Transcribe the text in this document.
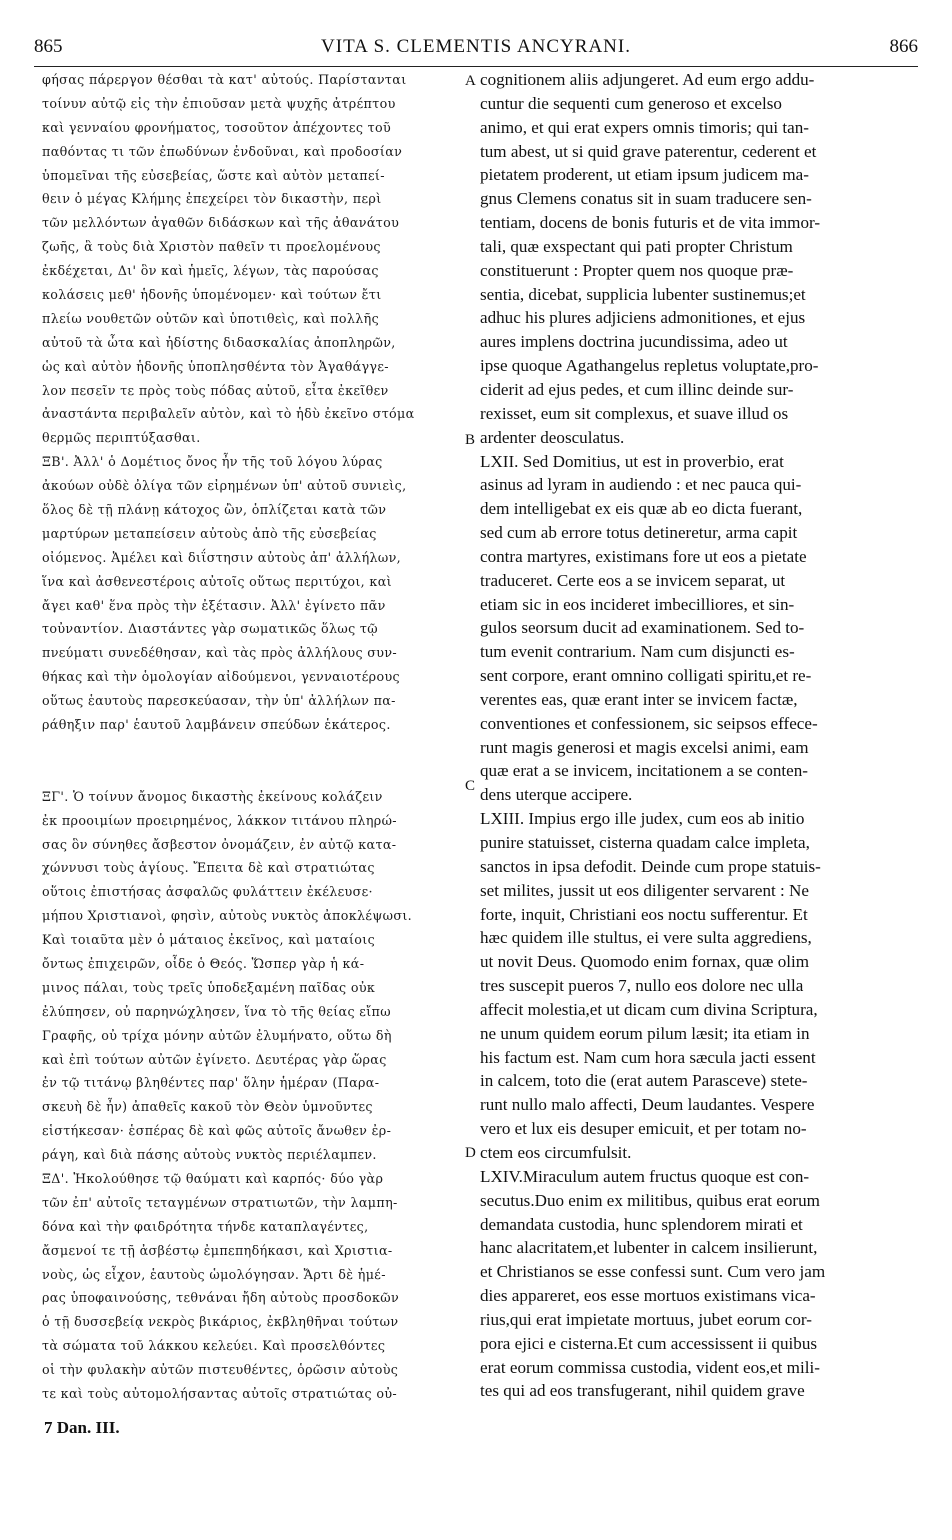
865	VITA S. CLEMENTIS ANCYRANI.	866
φήσας πάρεργον θέσθαι τὰ κατ' αὐτούς. Παρίστανται
τοίνυν αὐτῷ εἰς τὴν ἐπιοῦσαν μετὰ ψυχῆς ἀτρέπτου
καὶ γενναίου φρονήματος, τοσοῦτον ἀπέχοντες τοῦ
παθόντας τι τῶν ἐπωδύνων ἐνδοῦναι, καὶ προδοσίαν
ὑπομεῖναι τῆς εὐσεβείας, ὥστε καὶ αὐτὸν μεταπεί-
θειν ὁ μέγας Κλήμης ἐπεχείρει τὸν δικαστὴν, περὶ
τῶν μελλόντων ἀγαθῶν διδάσκων καὶ τῆς ἀθανάτου
ζωῆς, ἃ τοὺς διὰ Χριστὸν παθεῖν τι προελομένους
ἐκδέχεται, Δι' ὃν καὶ ἡμεῖς, λέγων, τὰς παρούσας
κολάσεις μεθ' ἡδονῆς ὑπομένομεν· καὶ τούτων ἔτι
πλείω νουθετῶν οὐτῶν καὶ ὑποτιθεὶς, καὶ πολλῆς
αὐτοῦ τὰ ὦτα καὶ ἡδίστης διδασκαλίας ἀποπληρῶν,
ὡς καὶ αὐτὸν ἡδονῆς ὑποπλησθέντα τὸν Ἀγαθάγγε-
λον πεσεῖν τε πρὸς τοὺς πόδας αὐτοῦ, εἶτα ἐκεῖθεν
ἀναστάντα περιβαλεῖν αὐτὸν, καὶ τὸ ἡδὺ ἐκεῖνο στόμα
θερμῶς περιπτύξασθαι.
ΞΒ'. Ἀλλ' ὁ Δομέτιος ὄνος ἦν τῆς τοῦ λόγου λύρας
ἀκούων οὐδὲ ὀλίγα τῶν εἰρημένων ὑπ' αὐτοῦ συνιεὶς,
ὅλος δὲ τῇ πλάνῃ κάτοχος ὢν, ὁπλίζεται κατὰ τῶν
μαρτύρων μεταπείσειν αὐτοὺς ἀπὸ τῆς εὐσεβείας
οἰόμενος. Ἀμέλει καὶ διΐστησιν αὐτοὺς ἀπ' ἀλλήλων,
ἵνα καὶ ἀσθενεστέροις αὐτοῖς οὕτως περιτύχοι, καὶ
ἄγει καθ' ἕνα πρὸς τὴν ἐξέτασιν. Ἀλλ' ἐγίνετο πᾶν
τοὐναντίον. Διαστάντες γὰρ σωματικῶς ὅλως τῷ
πνεύματι συνεδέθησαν, καὶ τὰς πρὸς ἀλλήλους συν-
θήκας καὶ τὴν ὁμολογίαν αἰδούμενοι, γενναιοτέρους
οὕτως ἑαυτοὺς παρεσκεύασαν, τὴν ὑπ' ἀλλήλων πα-
ράθηξιν παρ' ἑαυτοῦ λαμβάνειν σπεύδων ἑκάτερος.
ΞΓ'. Ὁ τοίνυν ἄνομος δικαστὴς ἐκείνους κολάζειν
ἐκ προοιμίων προειρημένος, λάκκον τιτάνου πληρώ-
σας ὃν σύνηθες ἄσβεστον ὀνομάζειν, ἐν αὐτῷ κατα-
χώννυσι τοὺς ἁγίους. Ἔπειτα δὲ καὶ στρατιώτας
οὕτοις ἐπιστήσας ἀσφαλῶς φυλάττειν ἐκέλευσε·
μήπου Χριστιανοὶ, φησὶν, αὐτοὺς νυκτὸς ἀποκλέψωσι.
Καὶ τοιαῦτα μὲν ὁ μάταιος ἐκεῖνος, καὶ ματαίοις
ὄντως ἐπιχειρῶν, οἶδε ὁ Θεός. Ὥσπερ γὰρ ἡ κά-
μινος πάλαι, τοὺς τρεῖς ὑποδεξαμένη παῖδας οὐκ
ἐλύπησεν, οὐ παρηνώχλησεν, ἵνα τὸ τῆς θείας εἴπω
Γραφῆς, οὐ τρίχα μόνην αὐτῶν ἐλυμήνατο, οὕτω δὴ
καὶ ἐπὶ τούτων αὐτῶν ἐγίνετο. Δευτέρας γὰρ ὥρας
ἐν τῷ τιτάνῳ βληθέντες παρ' ὅλην ἡμέραν (Παρα-
σκευὴ δὲ ἦν) ἀπαθεῖς κακοῦ τὸν Θεὸν ὑμνοῦντες
εἱστήκεσαν· ἑσπέρας δὲ καὶ φῶς αὐτοῖς ἄνωθεν ἐρ-
ράγη, καὶ διὰ πάσης αὐτοὺς νυκτὸς περιέλαμπεν.
ΞΔ'. Ἠκολούθησε τῷ θαύματι καὶ καρπός· δύο γὰρ
τῶν ἐπ' αὐτοῖς τεταγμένων στρατιωτῶν, τὴν λαμπη-
δόνα καὶ τὴν φαιδρότητα τήνδε καταπλαγέντες,
ἄσμενοί τε τῇ ἀσβέστῳ ἐμπεπηδήκασι, καὶ Χριστια-
νοὺς, ὡς εἶχον, ἑαυτοὺς ὡμολόγησαν. Ἄρτι δὲ ἡμέ-
ρας ὑποφαινούσης, τεθνάναι ἤδη αὐτοὺς προσδοκῶν
ὁ τῇ δυσσεβείᾳ νεκρὸς βικάριος, ἐκβληθῆναι τούτων
τὰ σώματα τοῦ λάκκου κελεύει. Καὶ προσελθόντες
οἱ τὴν φυλακὴν αὐτῶν πιστευθέντες, ὁρῶσιν αὐτοὺς
τε καὶ τοὺς αὐτομολήσαντας αὐτοῖς στρατιώτας οὐ-
cognitionem aliis adjungeret. Ad eum ergo addu-
cuntur die sequenti cum generoso et excelso
animo, et qui erat expers omnis timoris; qui tan-
tum abest, ut si quid grave paterentur, cederent et
pietatem proderent, ut etiam ipsum judicem ma-
gnus Clemens conatus sit in suam traducere sen-
tentiam, docens de bonis futuris et de vita immor-
tali, quæ exspectant qui pati propter Christum
constituerunt : Propter quem nos quoque præ-
sentia, dicebat, supplicia lubenter sustinemus;et
adhuc his plures adjiciens admonitiones, et ejus
aures implens doctrina jucundissima, adeo ut
ipse quoque Agathangelus repletus voluptate,pro-
ciderit ad ejus pedes, et cum illinc deinde sur-
rexisset, eum sit complexus, et suave illud os
ardenter deosculatus.
LXII. Sed Domitius, ut est in proverbio, erat
asinus ad lyram in audiendo : et nec pauca qui-
dem intelligebat ex eis quæ ab eo dicta fuerant,
sed cum ab errore totus detineretur, arma capit
contra martyres, existimans fore ut eos a pietate
traduceret. Certe eos a se invicem separat, ut
etiam sic in eos incideret imbecilliores, et sin-
gulos seorsum ducit ad examinationem. Sed to-
tum evenit contrarium. Nam cum disjuncti es-
sent corpore, erant omnino colligati spiritu,et re-
verentes eas, quæ erant inter se invicem factæ,
conventiones et confessionem, sic seipsos effece-
runt magis generosi et magis excelsi animi, eam
quæ erat a se invicem, incitationem a se conten-
dens uterque accipere.
LXIII. Impius ergo ille judex, cum eos ab initio
punire statuisset, cisterna quadam calce impleta,
sanctos in ipsa defodit. Deinde cum prope statuis-
set milites, jussit ut eos diligenter servarent : Ne
forte, inquit, Christiani eos noctu sufferentur. Et
hæc quidem ille stultus, ei vere sulta aggrediens,
ut novit Deus. Quomodo enim fornax, quæ olim
tres suscepit pueros 7, nullo eos dolore nec ulla
affecit molestia,et ut dicam cum divina Scriptura,
ne unum quidem eorum pilum læsit; ita etiam in
his factum est. Nam cum hora sæcula jacti essent
in calcem, toto die (erat autem Parasceve) stete-
runt nullo malo affecti, Deum laudantes. Vespere
vero et lux eis desuper emicuit, et per totam no-
ctem eos circumfulsit.
LXIV.Miraculum autem fructus quoque est con-
secutus.Duo enim ex militibus, quibus erat eorum
demandata custodia, hunc splendorem mirati et
hanc alacritatem,et lubenter in calcem insilierunt,
et Christianos se esse confessi sunt. Cum vero jam
dies appareret, eos esse mortuos existimans vica-
rius,qui erat impietate mortuus, jubet eorum cor-
pora ejici e cisterna.Et cum accessissent ii quibus
erat eorum commissa custodia, vident eos,et mili-
tes qui ad eos transfugerant, nihil quidem grave
A
B
C
D
7 Dan. III.
